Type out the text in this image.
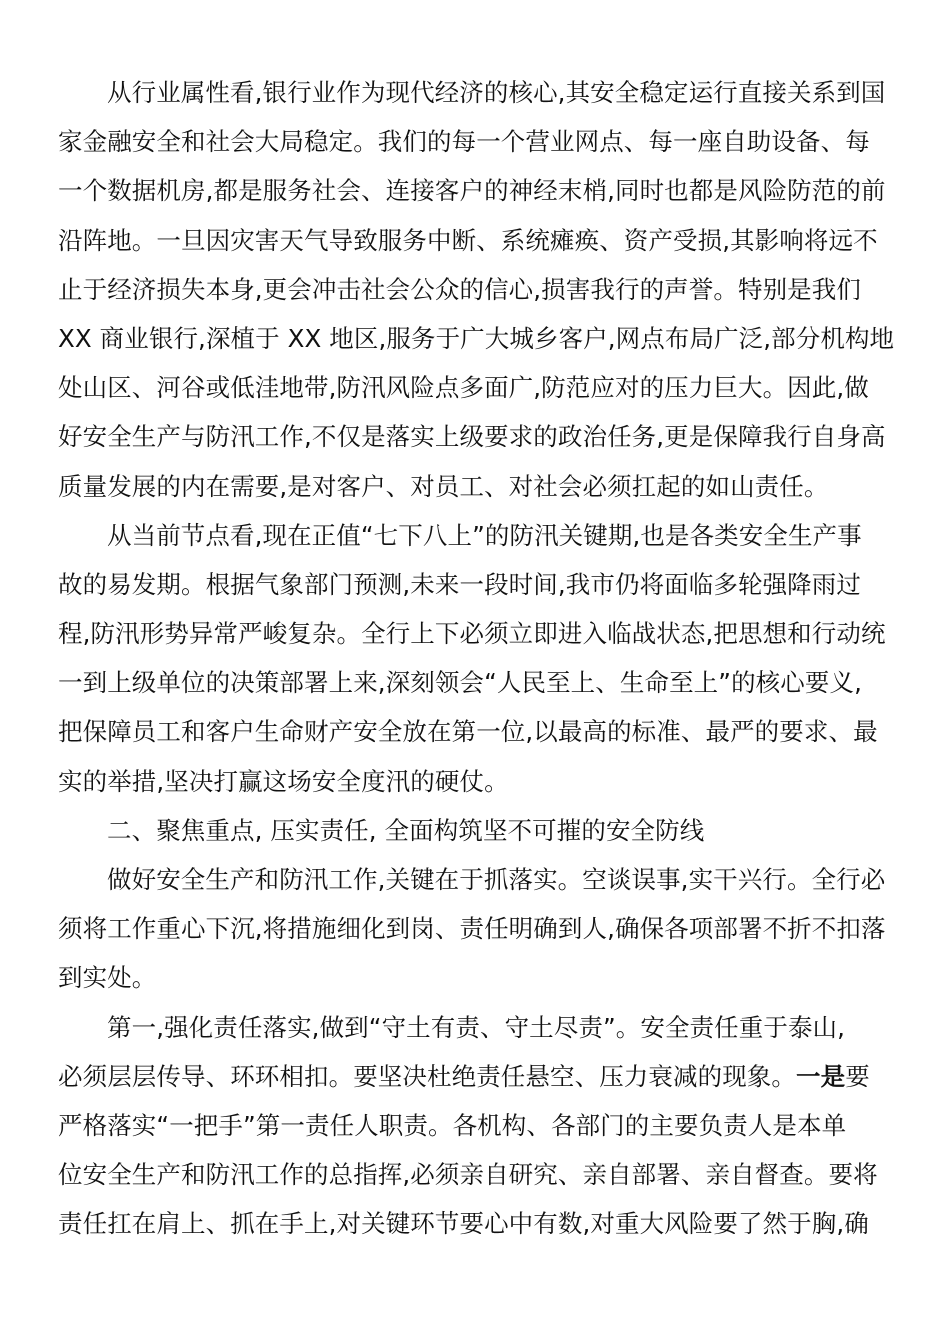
从行业属性看,银行业作为现代经济的核心,其安全稳定运行直接关系到国
家金融安全和社会大局稳定。我们的每一个营业网点、每一座自助设备、每
一个数据机房,都是服务社会、连接客户的神经末梢,同时也都是风险防范的前
沿阵地。一旦因灾害天气导致服务中断、系统瘫痪、资产受损,其影响将远不
止于经济损失本身,更会冲击社会公众的信心,损害我行的声誉。特别是我们
XX 商业银行,深植于 XX 地区,服务于广大城乡客户,网点布局广泛,部分机构地
处山区、河谷或低洼地带,防汛风险点多面广,防范应对的压力巨大。因此,做
好安全生产与防汛工作,不仅是落实上级要求的政治任务,更是保障我行自身高
质量发展的内在需要,是对客户、对员工、对社会必须扛起的如山责任。
从当前节点看,现在正值“七下八上”的防汛关键期,也是各类安全生产事
故的易发期。根据气象部门预测,未来一段时间,我市仍将面临多轮强降雨过
程,防汛形势异常严峻复杂。全行上下必须立即进入临战状态,把思想和行动统
一到上级单位的决策部署上来,深刻领会“人民至上、生命至上”的核心要义,
把保障员工和客户生命财产安全放在第一位,以最高的标准、最严的要求、最
实的举措,坚决打赢这场安全度汛的硬仗。
二、聚焦重点, 压实责任, 全面构筑坚不可摧的安全防线
做好安全生产和防汛工作,关键在于抓落实。空谈误事,实干兴行。全行必
须将工作重心下沉,将措施细化到岗、责任明确到人,确保各项部署不折不扣落
到实处。
第一,强化责任落实,做到“守土有责、守土尽责”。安全责任重于泰山,
必须层层传导、环环相扣。要坚决杜绝责任悬空、压力衰减的现象。一是要
严格落实“一把手”第一责任人职责。各机构、各部门的主要负责人是本单
位安全生产和防汛工作的总指挥,必须亲自研究、亲自部署、亲自督查。要将
责任扛在肩上、抓在手上,对关键环节要心中有数,对重大风险要了然于胸,确
